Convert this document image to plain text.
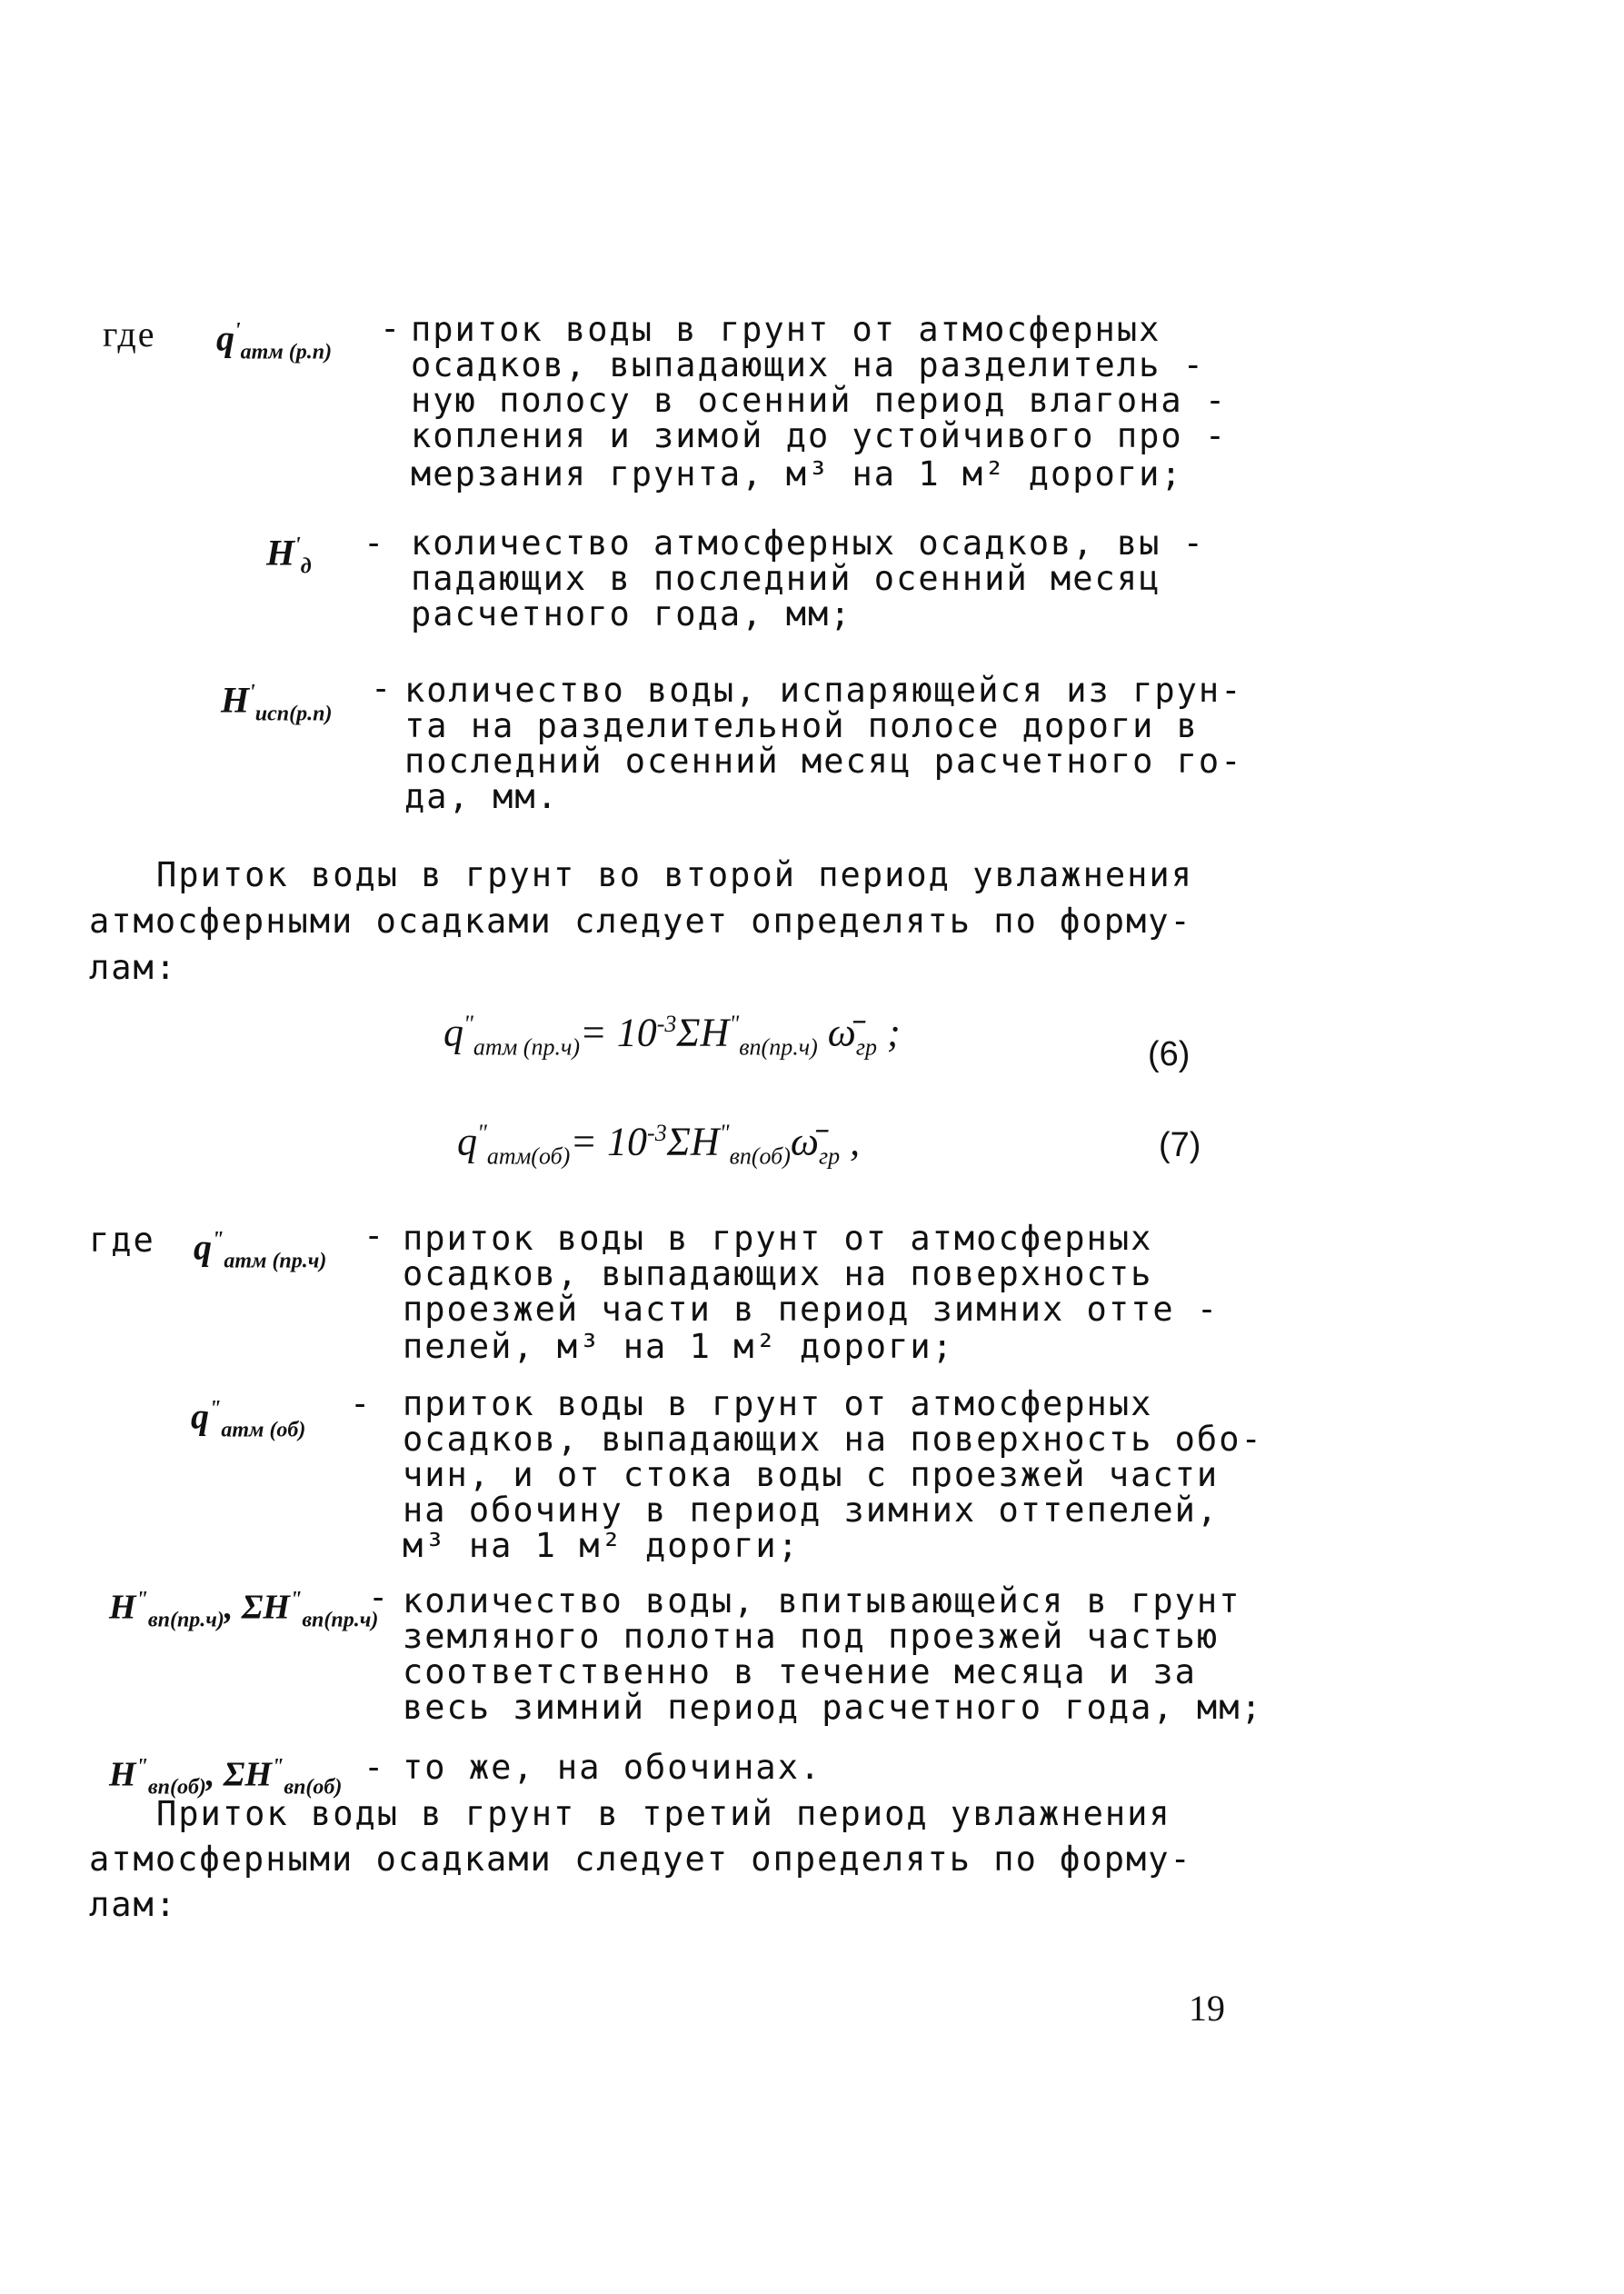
где $q'_{атм (р.п)}$
- приток воды в грунт от атмосферных
осадков, выпадающих на разделитель -
ную полосу в осенний период влагона -
копления и зимой до устойчивого про -
мерзания грунта, м³ на 1 м² дороги;
$H'_д$
- количество атмосферных осадков, вы -
падающих в последний осенний месяц
расчетного года, мм;
$H'_{исп(р.п)}$
- количество воды, испаряющейся из грун-
та на разделительной полосе дороги в
последний осенний месяц расчетного го-
да, мм.
Приток воды в грунт во второй период увлажнения
атмосферными осадками следует определять по форму-
лам:
$q^"_{атм (пр.ч)}= 10^{-3}\Sigma H^"_{вп(пр.ч)}$ $\omegā_{гр}$ ;	(6)
$q^"_{атм(об)}=$ $10^{-3}\Sigma H^"_{вп(об)}\omegā_{гр}$ ,	(7)
где $q^"_{атм (пр.ч)}$
- приток воды в грунт от атмосферных
осадков, выпадающих на поверхность
проезжей части в период зимних отте -
пелей, м³ на 1 м² дороги;
$q^"_{атм (об)}$
- приток воды в грунт от атмосферных
осадков, выпадающих на поверхность обо-
чин, и от стока воды с проезжей части
на обочину в период зимних оттепелей,
м³ на 1 м² дороги;
$H^"_{вп(пр.ч)}$, $\Sigma H^"_{вп(пр.ч)}$
- количество воды, впитывающейся в грунт
земляного полотна под проезжей частью
соответственно в течение месяца и за
весь зимний период расчетного года, мм;
$H^"_{вп(об)}$, $\Sigma H^"_{вп(об)}$
- то же, на обочинах.
Приток воды в грунт в третий период увлажнения
атмосферными осадками следует определять по форму-
лам:
19
